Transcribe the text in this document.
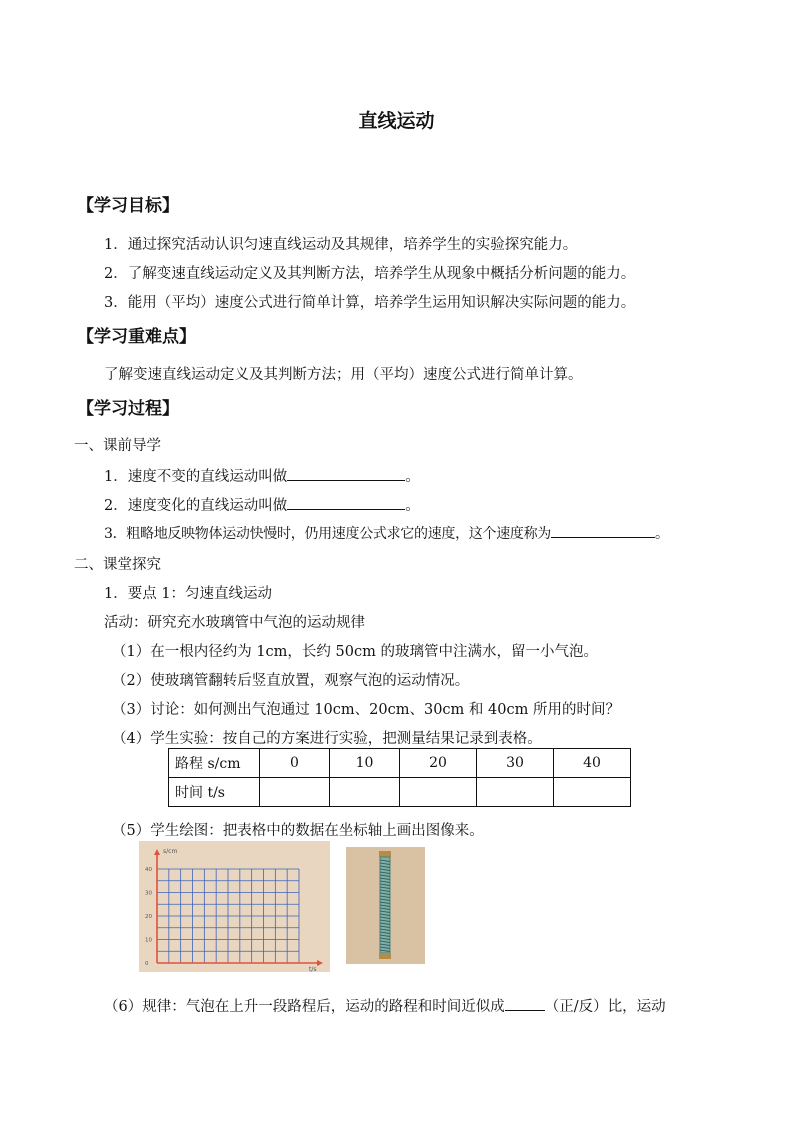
直线运动
【学习目标】
1．通过探究活动认识匀速直线运动及其规律，培养学生的实验探究能力。
2．了解变速直线运动定义及其判断方法，培养学生从现象中概括分析问题的能力。
3．能用（平均）速度公式进行简单计算，培养学生运用知识解决实际问题的能力。
【学习重难点】
了解变速直线运动定义及其判断方法；用（平均）速度公式进行简单计算。
【学习过程】
一、课前导学
1．速度不变的直线运动叫做	。
2．速度变化的直线运动叫做	。
3．粗略地反映物体运动快慢时，仍用速度公式求它的速度，这个速度称为	。
二、课堂探究
1．要点 1：匀速直线运动
活动：研究充水玻璃管中气泡的运动规律
（1）在一根内径约为 1cm，长约 50cm 的玻璃管中注满水，留一小气泡。
（2）使玻璃管翻转后竖直放置，观察气泡的运动情况。
（3）讨论：如何测出气泡通过 10cm、20cm、30cm 和 40cm 所用的时间？
（4）学生实验：按自己的方案进行实验，把测量结果记录到表格。
路程 s/cm	0	10	20	30	40
时间 t/s					
（5）学生绘图：把表格中的数据在坐标轴上画出图像来。
s/cm
t/s
0
10
20
30
40
（6）规律：气泡在上升一段路程后，运动的路程和时间近似成	（正/反）比，运动
